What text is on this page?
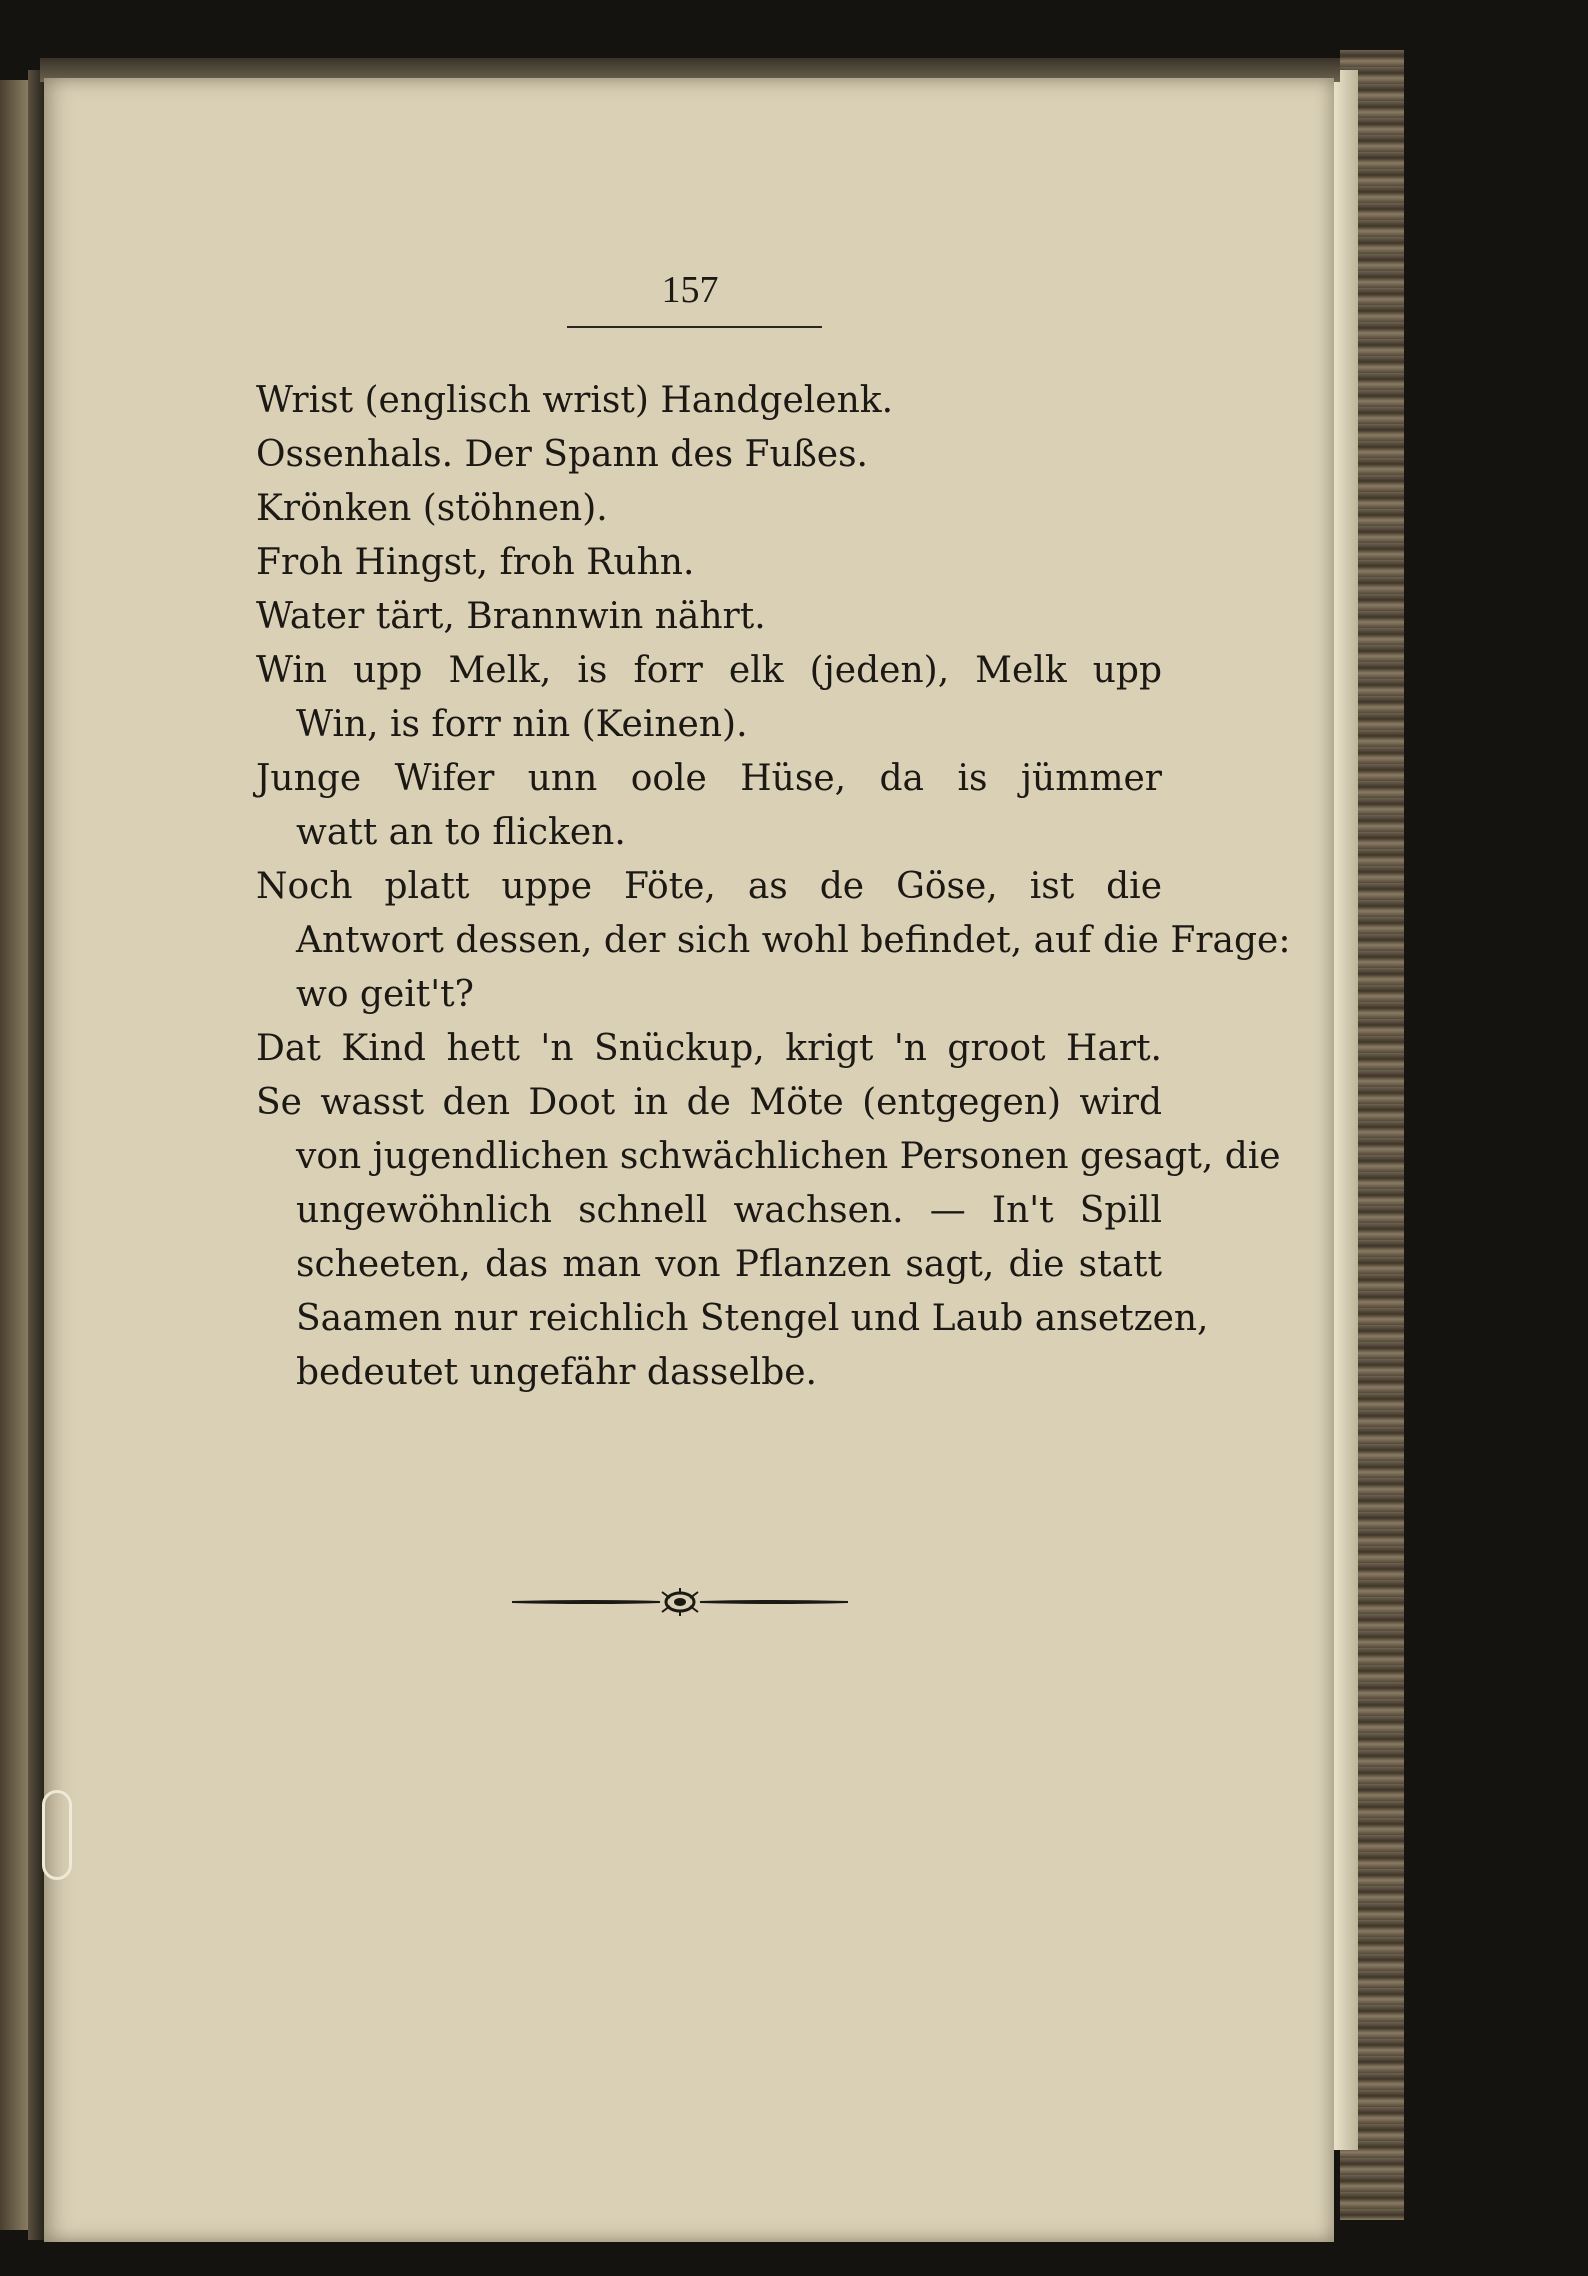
157
Wrist (englisch wrist) Handgelenk.
Ossenhals. Der Spann des Fußes.
Krönken (stöhnen).
Froh Hingst, froh Ruhn.
Water tärt, Brannwin nährt.
Win upp Melk, is forr elk (jeden), Melk upp
Win, is forr nin (Keinen).
Junge Wifer unn oole Hüse, da is jümmer
watt an to flicken.
Noch platt uppe Föte, as de Göse, ist die
Antwort dessen, der sich wohl befindet, auf die Frage:
wo geit't?
Dat Kind hett 'n Snückup, krigt 'n groot Hart.
Se wasst den Doot in de Möte (entgegen) wird
von jugendlichen schwächlichen Personen gesagt, die
ungewöhnlich schnell wachsen. — In't Spill
scheeten, das man von Pflanzen sagt, die statt
Saamen nur reichlich Stengel und Laub ansetzen,
bedeutet ungefähr dasselbe.
